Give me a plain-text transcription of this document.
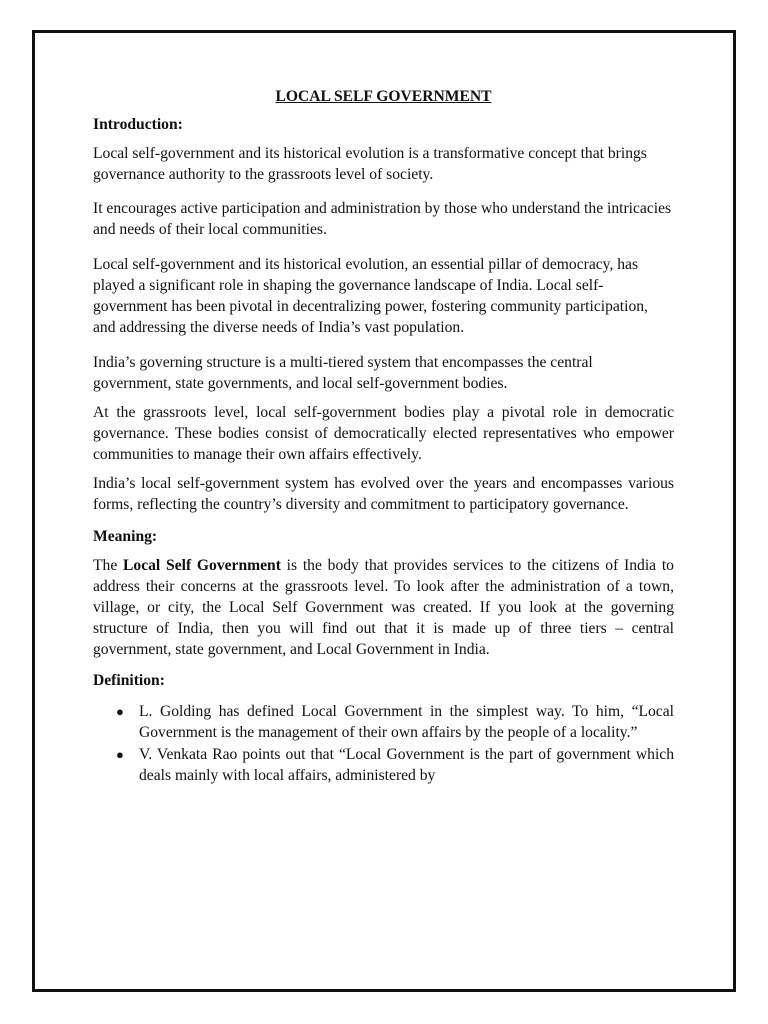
LOCAL SELF GOVERNMENT
Introduction:

Local self-government and its historical evolution is a transformative concept that brings governance authority to the grassroots level of society.

It encourages active participation and administration by those who understand the intricacies and needs of their local communities.

Local self-government and its historical evolution, an essential pillar of democracy, has played a significant role in shaping the governance landscape of India. Local self-government has been pivotal in decentralizing power, fostering community participation, and addressing the diverse needs of India’s vast population.

India’s governing structure is a multi-tiered system that encompasses the central government, state governments, and local self-government bodies.

At the grassroots level, local self-government bodies play a pivotal role in democratic governance. These bodies consist of democratically elected representatives who empower communities to manage their own affairs effectively.

India’s local self-government system has evolved over the years and encompasses various forms, reflecting the country’s diversity and commitment to participatory governance.

Meaning:

The Local Self Government is the body that provides services to the citizens of India to address their concerns at the grassroots level. To look after the administration of a town, village, or city, the Local Self Government was created. If you look at the governing structure of India, then you will find out that it is made up of three tiers – central government, state government, and Local Government in India.

Definition:
● L. Golding has defined Local Government in the simplest way. To him, “Local Government is the management of their own affairs by the people of a locality.”
● V. Venkata Rao points out that “Local Government is the part of government which deals mainly with local affairs, administered by
